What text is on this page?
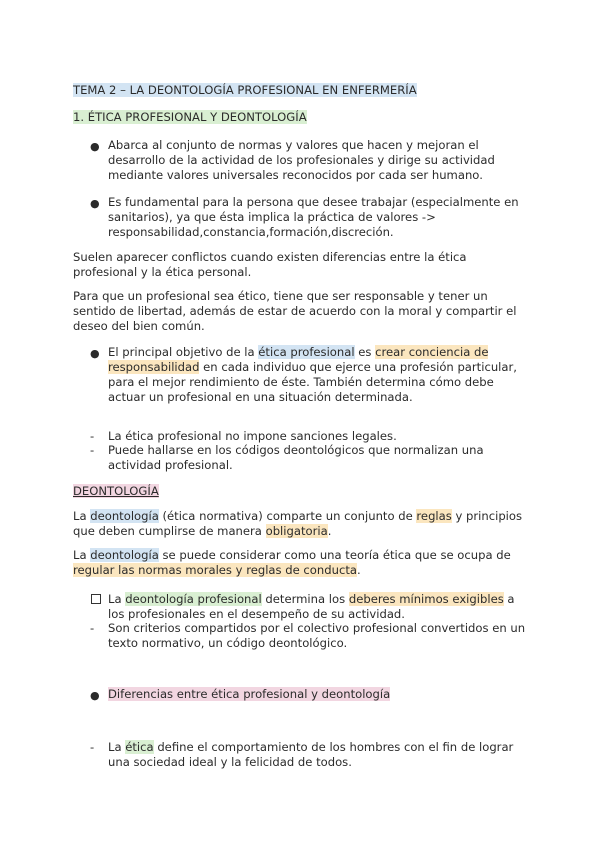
TEMA 2 – LA DEONTOLOGÍA PROFESIONAL EN ENFERMERÍA

1. ÉTICA PROFESIONAL Y DEONTOLOGÍA

● Abarca al conjunto de normas y valores que hacen y mejoran el desarrollo de la actividad de los profesionales y dirige su actividad mediante valores universales reconocidos por cada ser humano.

● Es fundamental para la persona que desee trabajar (especialmente en sanitarios), ya que ésta implica la práctica de valores -> responsabilidad,constancia,formación,discreción.

Suelen aparecer conflictos cuando existen diferencias entre la ética profesional y la ética personal.

Para que un profesional sea ético, tiene que ser responsable y tener un sentido de libertad, además de estar de acuerdo con la moral y compartir el deseo del bien común.

● El principal objetivo de la ética profesional es crear conciencia de responsabilidad en cada individuo que ejerce una profesión particular, para el mejor rendimiento de éste. También determina cómo debe actuar un profesional en una situación determinada.

- La ética profesional no impone sanciones legales.

- Puede hallarse en los códigos deontológicos que normalizan una actividad profesional.

DEONTOLOGÍA

La deontología (ética normativa) comparte un conjunto de reglas y principios que deben cumplirse de manera obligatoria.

La deontología se puede considerar como una teoría ética que se ocupa de regular las normas morales y reglas de conducta.

La deontología profesional determina los deberes mínimos exigibles a los profesionales en el desempeño de su actividad.

- Son criterios compartidos por el colectivo profesional convertidos en un texto normativo, un código deontológico.

● Diferencias entre ética profesional y deontología

- La ética define el comportamiento de los hombres con el fin de lograr una sociedad ideal y la felicidad de todos.
